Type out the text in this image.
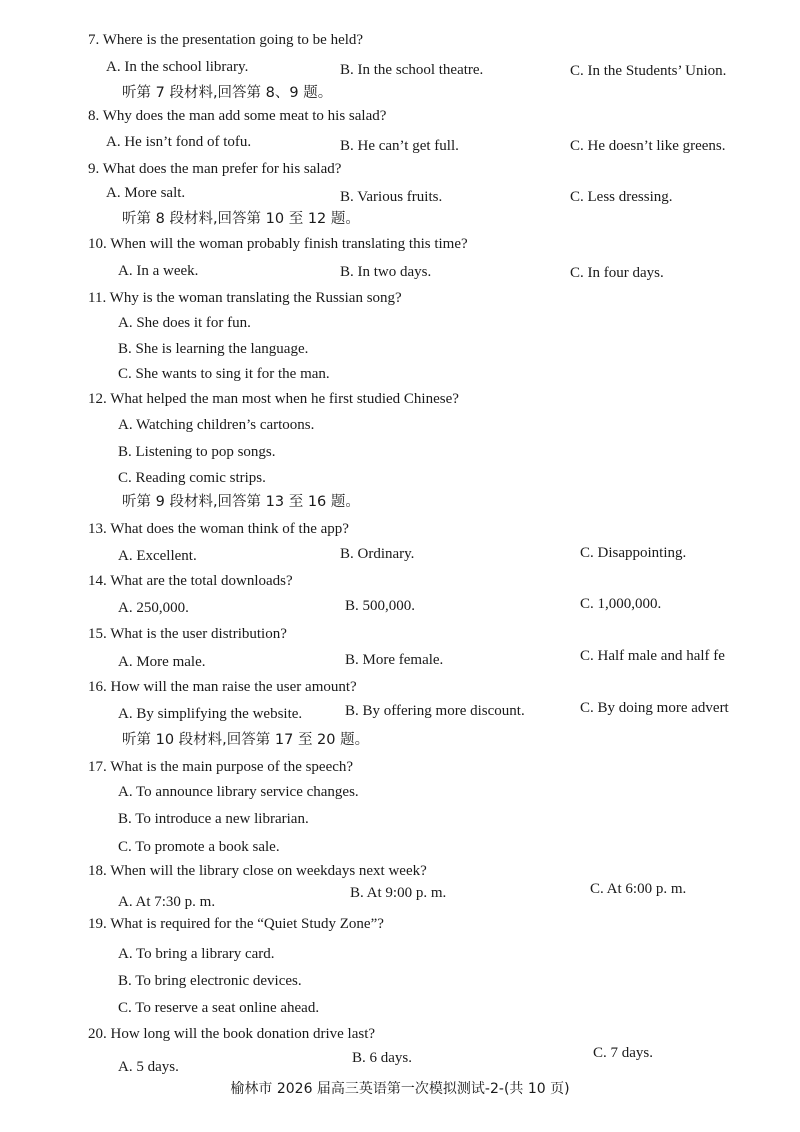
7. Where is the presentation going to be held?
A. In the school library.	B. In the school theatre.	C. In the Students’ Union.
听第 7 段材料,回答第 8、9 题。
8. Why does the man add some meat to his salad?
A. He isn’t fond of tofu.	B. He can’t get full.	C. He doesn’t like greens.
9. What does the man prefer for his salad?
A. More salt.	B. Various fruits.	C. Less dressing.
听第 8 段材料,回答第 10 至 12 题。
10. When will the woman probably finish translating this time?
A. In a week.	B. In two days.	C. In four days.
11. Why is the woman translating the Russian song?
A. She does it for fun.
B. She is learning the language.
C. She wants to sing it for the man.
12. What helped the man most when he first studied Chinese?
A. Watching children’s cartoons.
B. Listening to pop songs.
C. Reading comic strips.
听第 9 段材料,回答第 13 至 16 题。
13. What does the woman think of the app?
A. Excellent.	B. Ordinary.	C. Disappointing.
14. What are the total downloads?
A. 250,000.	B. 500,000.	C. 1,000,000.
15. What is the user distribution?
A. More male.	B. More female.	C. Half male and half fe
16. How will the man raise the user amount?
A. By simplifying the website.	B. By offering more discount.	C. By doing more advert
听第 10 段材料,回答第 17 至 20 题。
17. What is the main purpose of the speech?
A. To announce library service changes.
B. To introduce a new librarian.
C. To promote a book sale.
18. When will the library close on weekdays next week?
A. At 7:30 p. m.
B. At 9:00 p. m.	C. At 6:00 p. m.
19. What is required for the “Quiet Study Zone”?
A. To bring a library card.
B. To bring electronic devices.
C. To reserve a seat online ahead.
20. How long will the book donation drive last?
A. 5 days.
B. 6 days.	C. 7 days.
榆林市 2026 届高三英语第一次模拟测试-2-(共 10 页)
